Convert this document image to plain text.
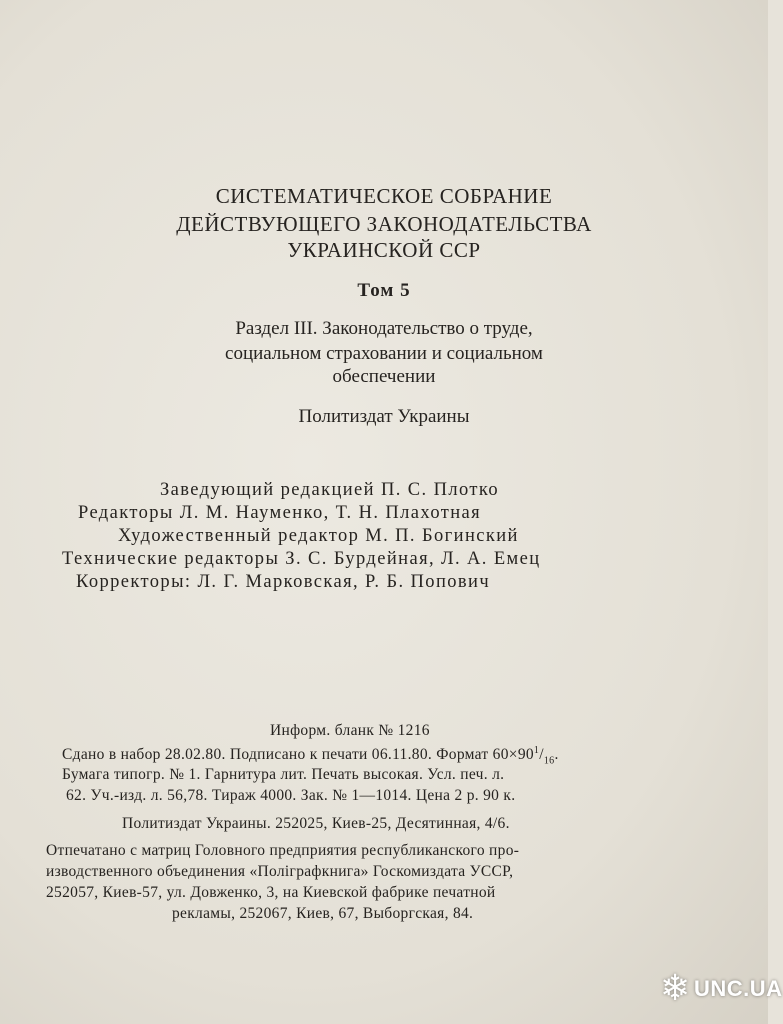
СИСТЕМАТИЧЕСКОЕ СОБРАНИЕ
ДЕЙСТВУЮЩЕГО ЗАКОНОДАТЕЛЬСТВА
УКРАИНСКОЙ ССР
Том 5
Раздел III. Законодательство о труде,
социальном страховании и социальном
обеспечении
Политиздат Украины
Заведующий редакцией П. С. Плотко
Редакторы Л. М. Науменко, Т. Н. Плахотная
Художественный редактор М. П. Богинский
Технические редакторы З. С. Бурдейная, Л. А. Емец
Корректоры: Л. Г. Марковская, Р. Б. Попович
Информ. бланк № 1216
Сдано в набор 28.02.80. Подписано к печати 06.11.80. Формат $60\times 90^1/_{16}$.
Бумага типогр. № 1. Гарнитура лит. Печать высокая. Усл. печ. л.
62. Уч.-изд. л. 56,78. Тираж 4000. Зак. № 1—1014. Цена 2 р. 90 к.
Политиздат Украины. 252025, Киев-25, Десятинная, 4/6.
Отпечатано с матриц Головного предприятия республиканского про-
изводственного объединения «Поліграфкнига» Госкомиздата УССР,
252057, Киев-57, ул. Довженко, 3, на Киевской фабрике печатной
рекламы, 252067, Киев, 67, Выборгская, 84.
❄ UNC.UA
